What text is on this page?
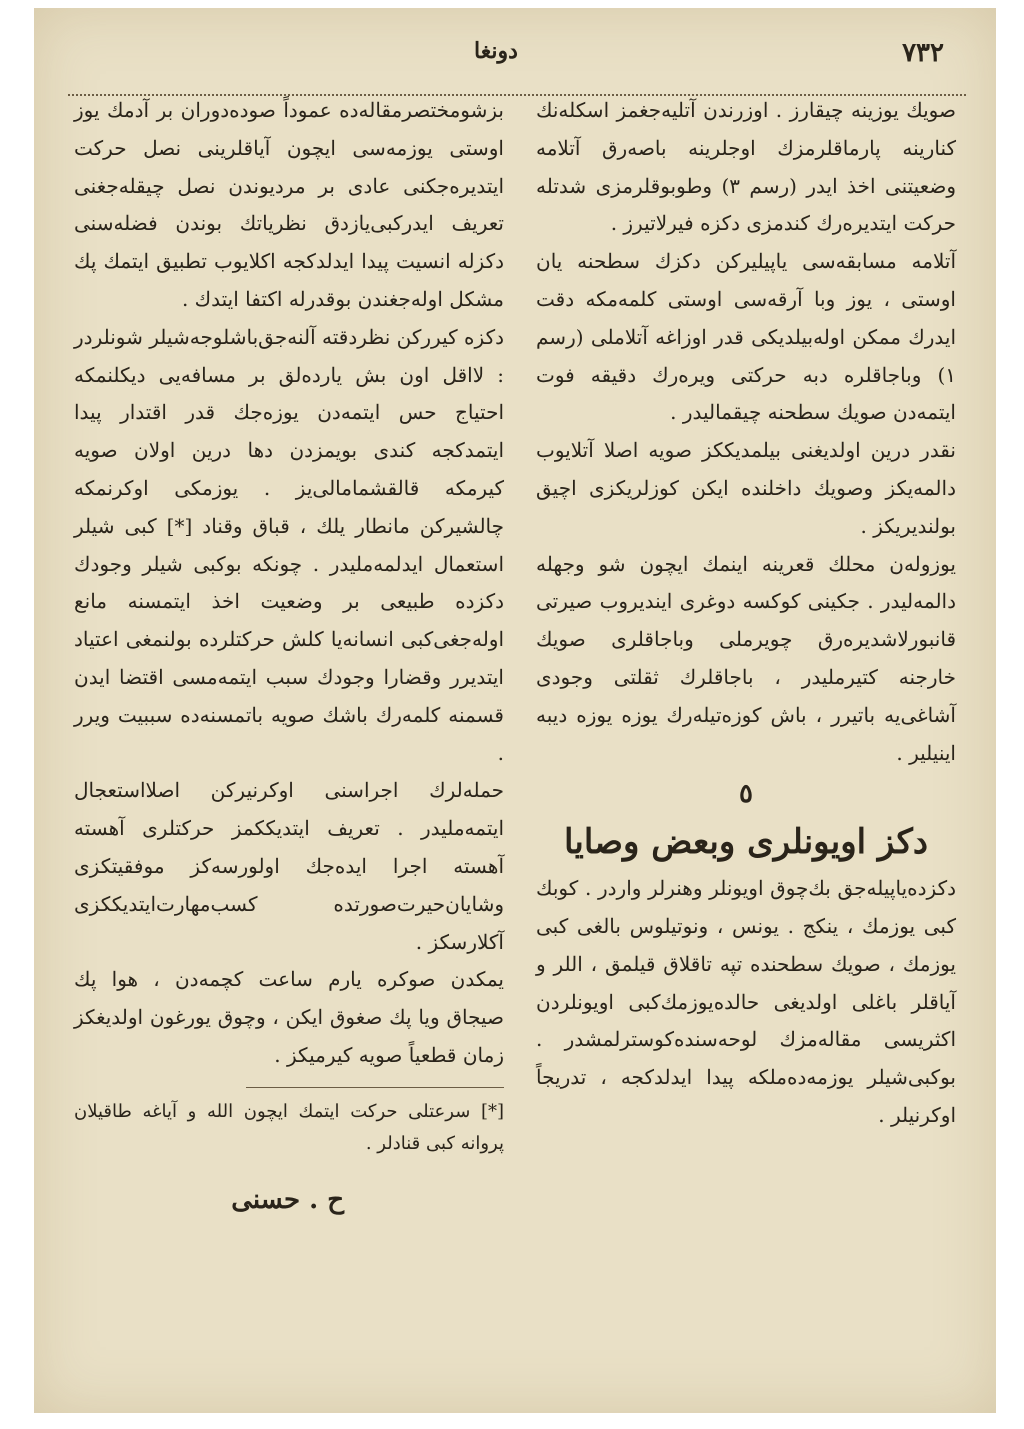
۷۳۲
دونغا

صویك یوزینه چیقارز . اوزرندن آتلیه‌جغمز اسکله‌نك کنارینه پارماقلرمزك اوجلرینه باصه‌رق آتلامه وضعیتنی اخذ ایدر (رسم ۳) وطوبوقلرمزی شدتله حرکت ایتدیره‌رك کندمزی دکزه فیرلاتیرز .

آتلامه مسابقه‌سی یاپیلیرکن دکزك سطحنه یان اوستی ، یوز وبا آرقه‌سی اوستی کلمه‌مکه دقت ایدرك ممکن اوله‌بیلدیکی قدر اوزاغه آتلاملی (رسم ۱) وباجاقلره دبه حرکتی ویره‌رك دقیقه فوت ایتمه‌دن صویك سطحنه چیقمالیدر .

نقدر درین اولدیغنی بیلمدیککز صویه اصلا آتلایوب دالمه‌یکز وصویك داخلنده ایکن کوزلریکزی اچیق بولندیریکز .

یوزوله‌ن محلك قعرینه اینمك ایچون شو وجهله دالمه‌لیدر . جکینی کوکسه دوغری ایندیروب صیرتی قانبورلاشدیره‌رق چویرملی وباجاقلری صویك خارجنه کتیرملیدر ، باجاقلرك ثقلتی وجودی آشاغی‌یه باتیرر ، باش کوزه‌تیله‌رك یوزه یوزه دیبه اینیلیر .

٥
دکز اویونلری وبعض وصایا

دکزده‌یاپیله‌جق بك‌چوق اویونلر وهنرلر واردر . کوبك کبی یوزمك ، ینکج . یونس ، ونوتیلوس بالغی کبی یوزمك ، صویك سطحنده تپه تاقلاق قیلمق ، اللر و آیاقلر باغلی اولدیغی حالده‌یوزمك‌کبی اویونلردن اکثریسی مقاله‌مزك لوحه‌سنده‌کوسترلمشدر . بوکبی‌شیلر یوزمه‌ده‌ملکه پیدا ایدلدکجه ، تدریجاً اوکرنیلر .

بزشومختصرمقاله‌ده عموداً صوده‌دوران بر آدمك یوز اوستی یوزمه‌سی ایچون آیاقلرینی نصل حرکت ایتدیره‌جکنی عادی بر مردیوندن نصل چیقله‌جغنی تعریف ایدرکبی‌یازدق نظریاتك بوندن فضله‌سنی دکزله انسیت پیدا ایدلدکجه اکلایوب تطبیق ایتمك پك مشکل اوله‌جغندن بوقدرله اکتفا ایتدك .

دکزه کیررکن نظردقته آلنه‌جق‌باشلوجه‌شیلر شونلردر : لااقل اون بش یارده‌لق بر مسافه‌یی دیکلنمکه احتیاج حس ایتمه‌دن یوزه‌جك قدر اقتدار پیدا ایتمدکجه کندی بویمزدن دها درین اولان صویه کیرمکه قالقشمامالی‌یز . یوزمکی اوکرنمکه چالشیرکن مانطار یلك ، قباق وقناد [*] کبی شیلر استعمال ایدلمه‌ملیدر . چونکه بوکبی شیلر وجودك دکزده طبیعی بر وضعیت اخذ ایتمسنه مانع اوله‌جغی‌کبی انسانه‌یا کلش حرکتلرده بولنمغی اعتیاد ایتدیرر وقضارا وجودك سبب ایتمه‌مسی اقتضا ایدن قسمنه کلمه‌رك باشك صویه باتمسنه‌ده سببیت ویرر .

حمله‌لرك اجراسنی اوکرنیرکن اصلااستعجال ایتمه‌ملیدر . تعریف ایتدیککمز حرکتلری آهسته آهسته اجرا ایده‌جك اولورسه‌کز موفقیتکزی وشایان‌حیرت‌صورتده کسب‌مهارت‌ایتدیککزی آکلارسکز .

یمکدن صوکره یارم ساعت کچمه‌دن ، هوا پك صیجاق ویا پك صغوق ایکن ، وچوق یورغون اولدیغکز زمان قطعیاً صویه کیرمیکز .

[*] سرعتلی حرکت ایتمك ایچون الله و آیاغه طاقیلان پروانه کبی قنادلر .

ح . حسنی
